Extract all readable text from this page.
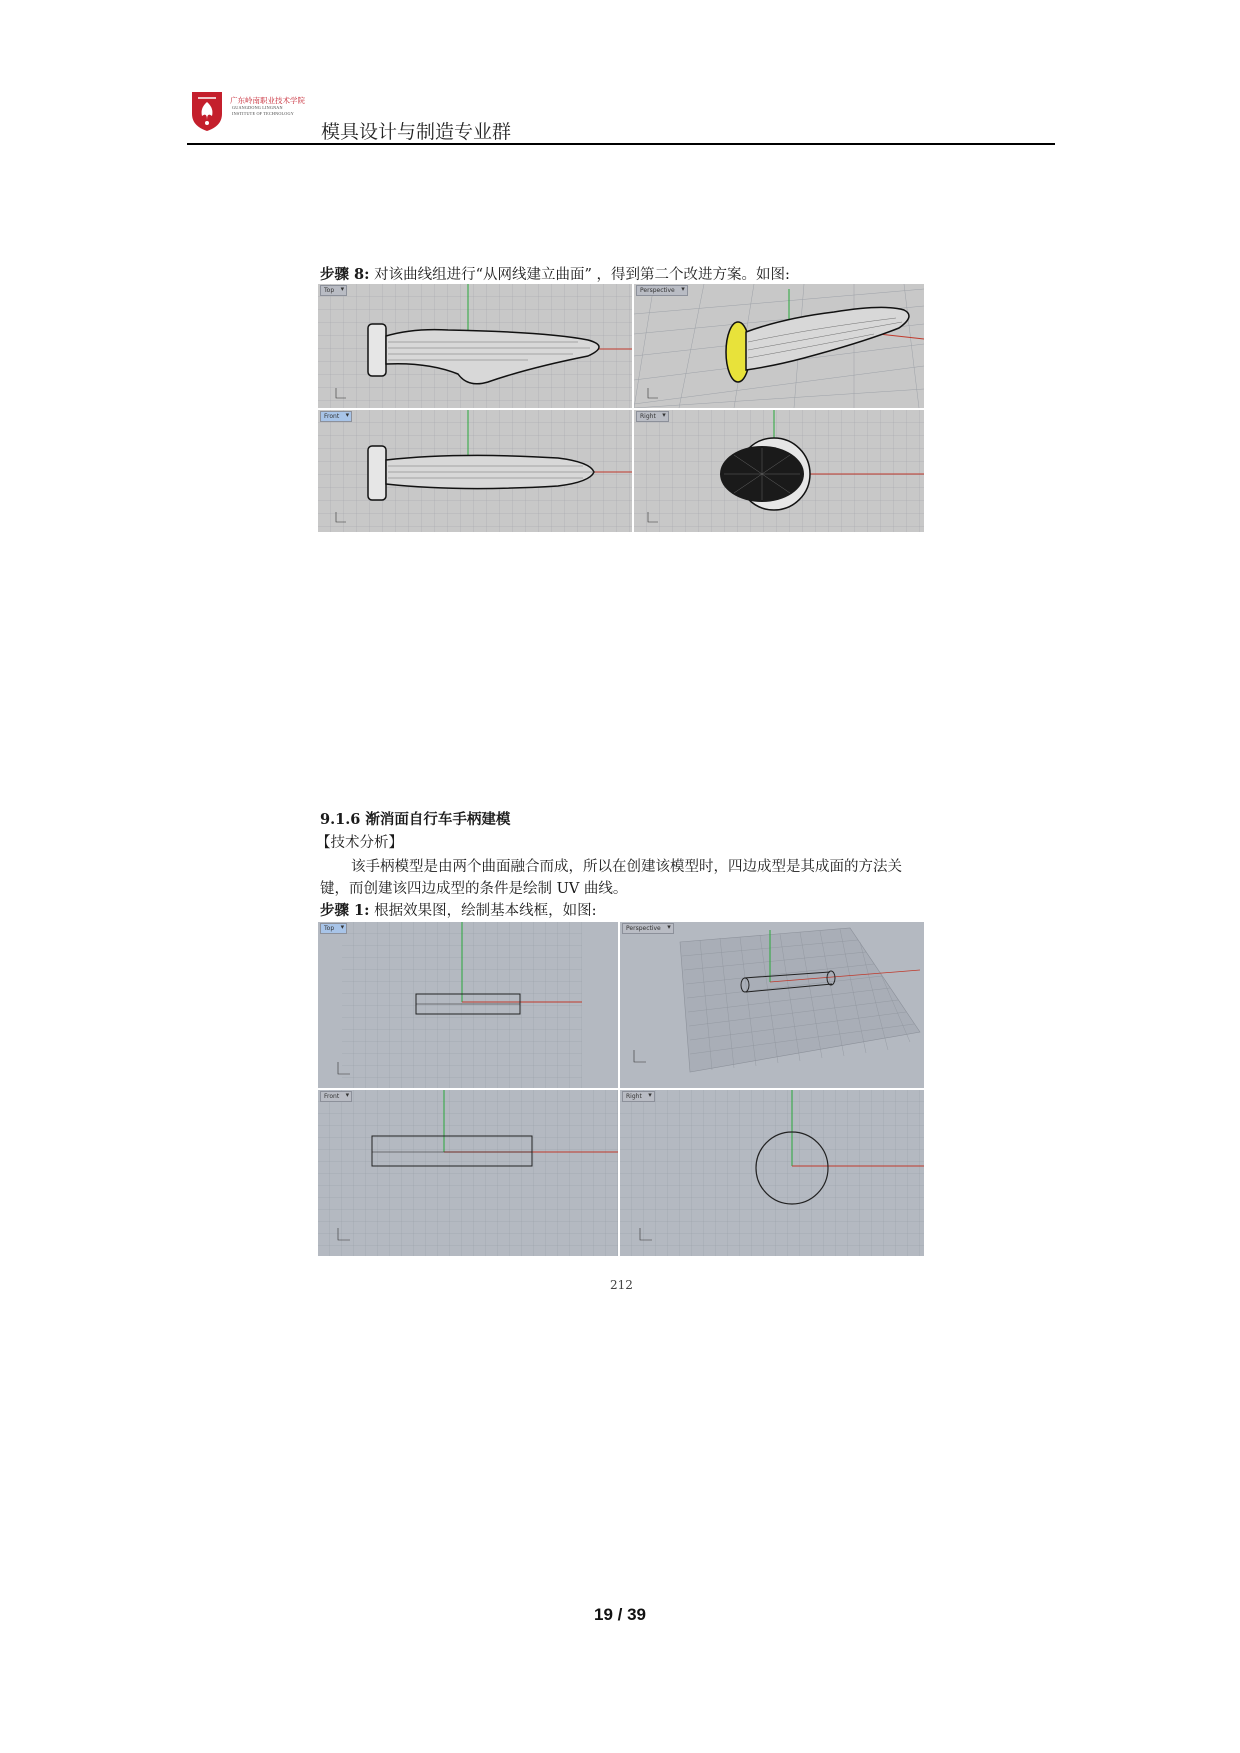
广东岭南职业技术学院
GUANGDONG LINGNAN
INSTITUTE OF TECHNOLOGY
模具设计与制造专业群
步骤 8: 对该曲线组进行“从网线建立曲面” ，得到第二个改进方案。如图:
Top ▾	Perspective ▾
Front ▾	Right ▾
9.1.6 渐消面自行车手柄建模
【技术分析】
该手柄模型是由两个曲面融合而成，所以在创建该模型时，四边成型是其成面的方法关
键，而创建该四边成型的条件是绘制 UV 曲线。
步骤 1: 根据效果图，绘制基本线框，如图:
Top ▾	Perspective ▾
Front ▾	Right ▾
212
19 / 39
